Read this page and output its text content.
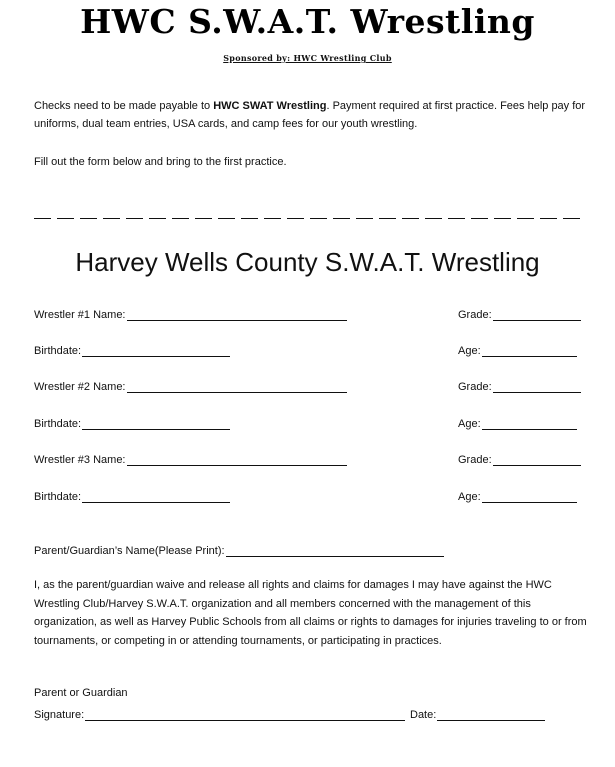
HWC S.W.A.T. Wrestling
Sponsored by: HWC Wrestling Club
Checks need to be made payable to HWC SWAT Wrestling. Payment required at first practice. Fees help pay for uniforms, dual team entries, USA cards, and camp fees for our youth wrestling.
Fill out the form below and bring to the first practice.
Harvey Wells County S.W.A.T. Wrestling
Wrestler #1 Name:	Grade:
Birthdate:	Age:
Wrestler #2 Name:	Grade:
Birthdate:	Age:
Wrestler #3 Name:	Grade:
Birthdate:	Age:
Parent/Guardian’s Name(Please Print):
I, as the parent/guardian waive and release all rights and claims for damages I may have against the HWC Wrestling Club/Harvey S.W.A.T. organization and all members concerned with the management of this organization, as well as Harvey Public Schools from all claims or rights to damages for injuries traveling to or from tournaments, or competing in or attending tournaments, or participating in practices.
Parent or Guardian
Signature:	Date:
